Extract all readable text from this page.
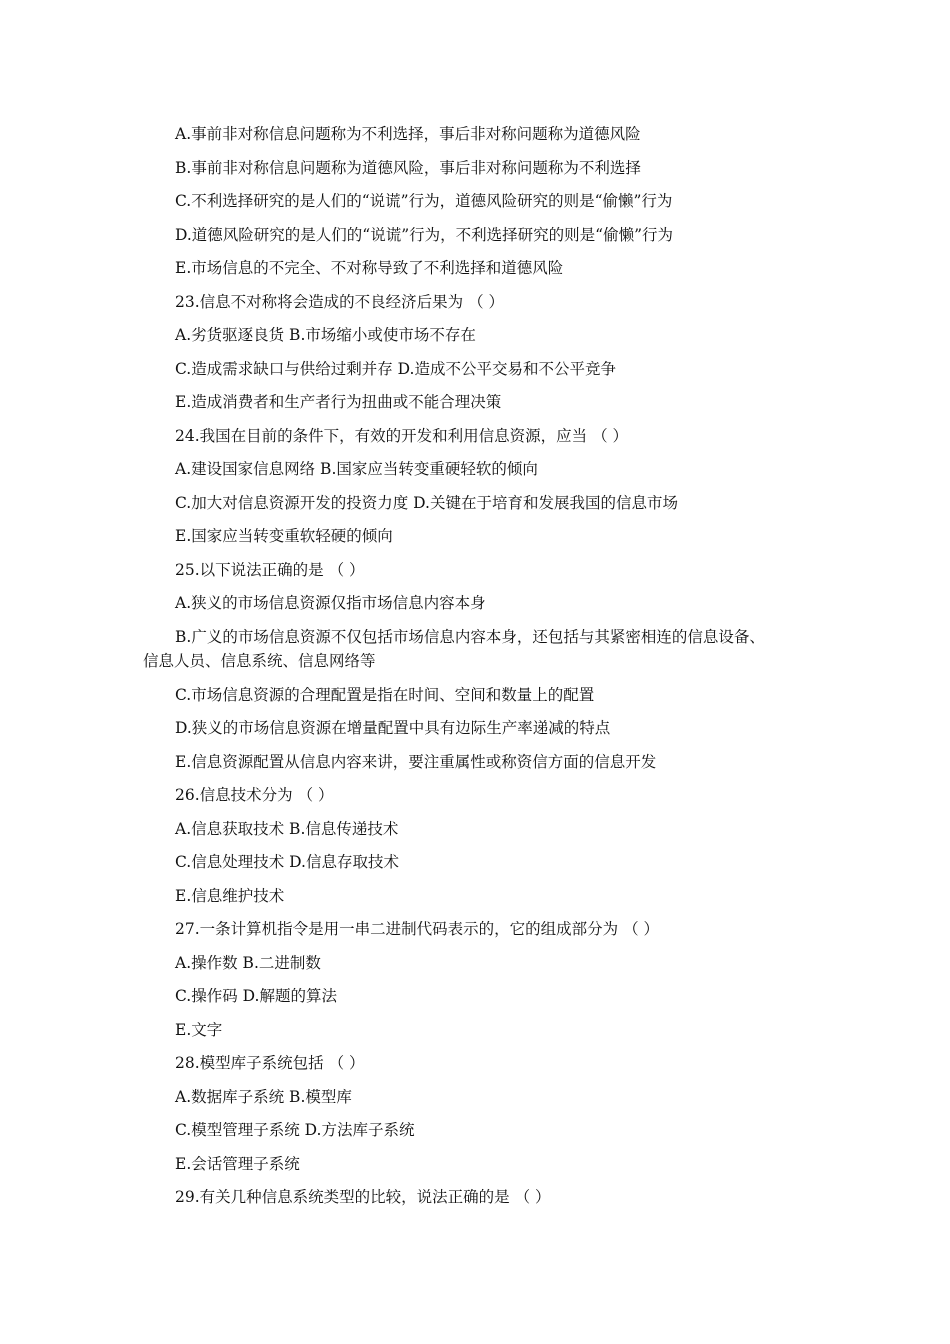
A.事前非对称信息问题称为不利选择，事后非对称问题称为道德风险
B.事前非对称信息问题称为道德风险，事后非对称问题称为不利选择
C.不利选择研究的是人们的“说谎”行为，道德风险研究的则是“偷懒”行为
D.道德风险研究的是人们的“说谎”行为，不利选择研究的则是“偷懒”行为
E.市场信息的不完全、不对称导致了不利选择和道德风险
23.信息不对称将会造成的不良经济后果为 （ ）
A.劣货驱逐良货 B.市场缩小或使市场不存在
C.造成需求缺口与供给过剩并存 D.造成不公平交易和不公平竞争
E.造成消费者和生产者行为扭曲或不能合理决策
24.我国在目前的条件下，有效的开发和利用信息资源，应当 （ ）
A.建设国家信息网络 B.国家应当转变重硬轻软的倾向
C.加大对信息资源开发的投资力度 D.关键在于培育和发展我国的信息市场
E.国家应当转变重软轻硬的倾向
25.以下说法正确的是 （ ）
A.狭义的市场信息资源仅指市场信息内容本身
B.广义的市场信息资源不仅包括市场信息内容本身，还包括与其紧密相连的信息设备、
信息人员、信息系统、信息网络等
C.市场信息资源的合理配置是指在时间、空间和数量上的配置
D.狭义的市场信息资源在增量配置中具有边际生产率递减的特点
E.信息资源配置从信息内容来讲，要注重属性或称资信方面的信息开发
26.信息技术分为 （ ）
A.信息获取技术 B.信息传递技术
C.信息处理技术 D.信息存取技术
E.信息维护技术
27.一条计算机指令是用一串二进制代码表示的，它的组成部分为 （ ）
A.操作数 B.二进制数
C.操作码 D.解题的算法
E.文字
28.模型库子系统包括 （ ）
A.数据库子系统 B.模型库
C.模型管理子系统 D.方法库子系统
E.会话管理子系统
29.有关几种信息系统类型的比较，说法正确的是 （ ）
